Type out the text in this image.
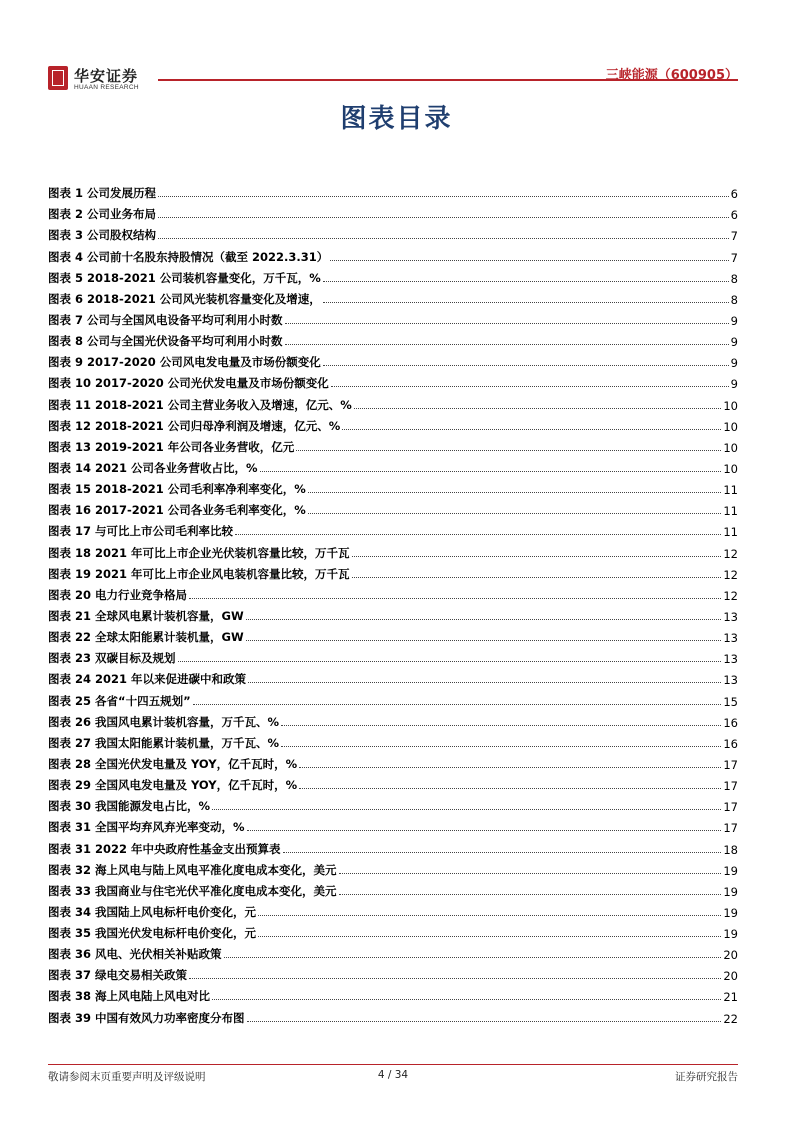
华安证券
HUAAN RESEARCH
三峡能源（600905）
图表目录
图表 1 公司发展历程	6
图表 2 公司业务布局	6
图表 3 公司股权结构	7
图表 4 公司前十名股东持股情况（截至 2022.3.31）	7
图表 5 2018-2021 公司装机容量变化，万千瓦，%	8
图表 6 2018-2021 公司风光装机容量变化及增速，	8
图表 7 公司与全国风电设备平均可利用小时数	9
图表 8 公司与全国光伏设备平均可利用小时数	9
图表 9 2017-2020 公司风电发电量及市场份额变化	9
图表 10 2017-2020 公司光伏发电量及市场份额变化	9
图表 11 2018-2021 公司主营业务收入及增速，亿元、%	10
图表 12 2018-2021 公司归母净利润及增速，亿元、%	10
图表 13 2019-2021 年公司各业务营收，亿元	10
图表 14 2021 公司各业务营收占比，%	10
图表 15 2018-2021 公司毛利率净利率变化，%	11
图表 16 2017-2021 公司各业务毛利率变化，%	11
图表 17 与可比上市公司毛利率比较	11
图表 18 2021 年可比上市企业光伏装机容量比较，万千瓦	12
图表 19 2021 年可比上市企业风电装机容量比较，万千瓦	12
图表 20 电力行业竞争格局	12
图表 21 全球风电累计装机容量，GW	13
图表 22 全球太阳能累计装机量，GW	13
图表 23 双碳目标及规划	13
图表 24 2021 年以来促进碳中和政策	13
图表 25 各省“十四五规划”	15
图表 26 我国风电累计装机容量，万千瓦、%	16
图表 27 我国太阳能累计装机量，万千瓦、%	16
图表 28 全国光伏发电量及 YOY，亿千瓦时，%	17
图表 29 全国风电发电量及 YOY，亿千瓦时，%	17
图表 30 我国能源发电占比，%	17
图表 31 全国平均弃风弃光率变动，%	17
图表 31 2022 年中央政府性基金支出预算表	18
图表 32 海上风电与陆上风电平准化度电成本变化，美元	19
图表 33 我国商业与住宅光伏平准化度电成本变化，美元	19
图表 34 我国陆上风电标杆电价变化，元	19
图表 35 我国光伏发电标杆电价变化，元	19
图表 36 风电、光伏相关补贴政策	20
图表 37 绿电交易相关政策	20
图表 38 海上风电陆上风电对比	21
图表 39 中国有效风力功率密度分布图	22
敬请参阅末页重要声明及评级说明	4 / 34	证券研究报告
